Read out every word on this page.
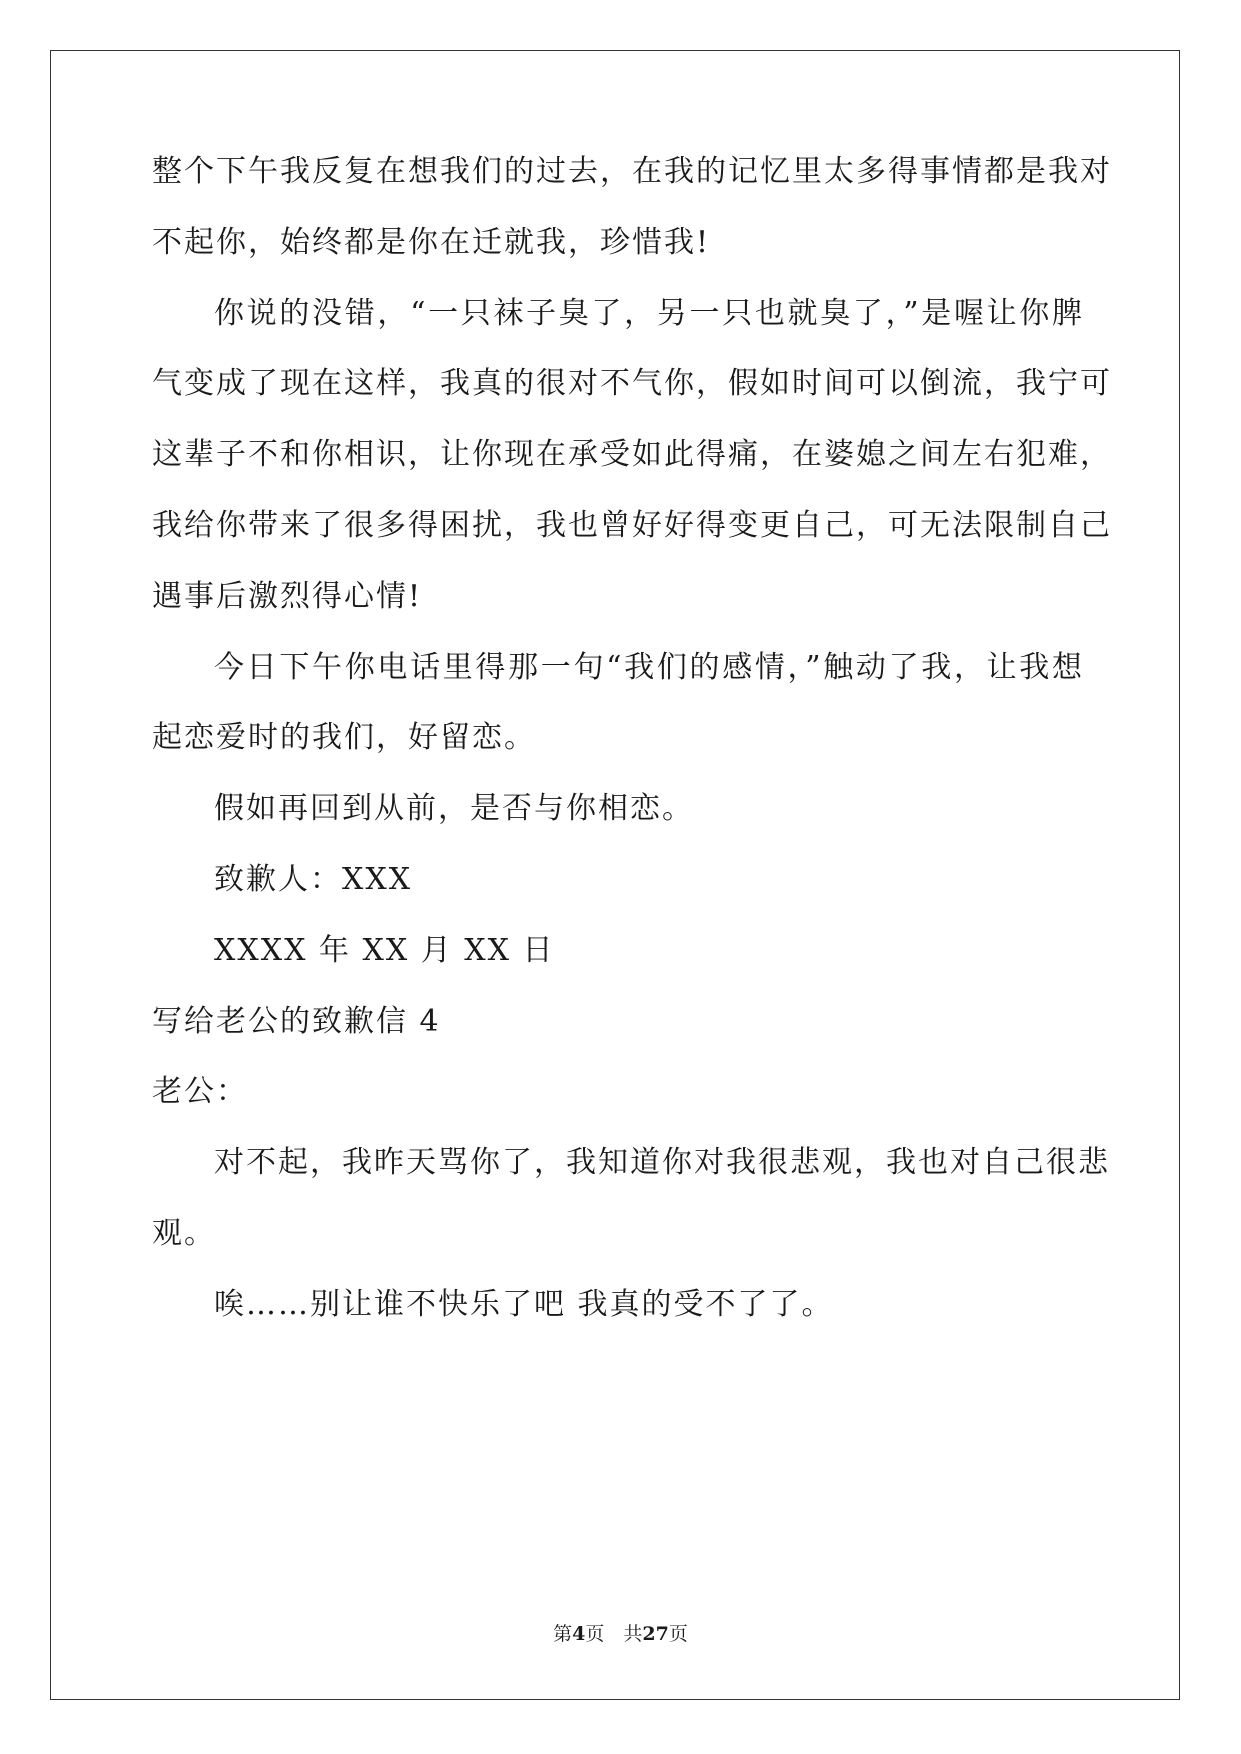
整个下午我反复在想我们的过去，在我的记忆里太多得事情都是我对
不起你，始终都是你在迁就我，珍惜我!
你说的没错，“一只袜子臭了，另一只也就臭了，”是喔让你脾
气变成了现在这样，我真的很对不气你，假如时间可以倒流，我宁可
这辈子不和你相识，让你现在承受如此得痛，在婆媳之间左右犯难，
我给你带来了很多得困扰，我也曾好好得变更自己，可无法限制自己
遇事后激烈得心情!
今日下午你电话里得那一句“我们的感情，”触动了我，让我想
起恋爱时的我们，好留恋。
假如再回到从前，是否与你相恋。
致歉人：XXX
XXXX 年 XX 月 XX 日
写给老公的致歉信 4
老公：
对不起，我昨天骂你了，我知道你对我很悲观，我也对自己很悲
观。
唉……别让谁不快乐了吧 我真的受不了了。
第4页　共27页
